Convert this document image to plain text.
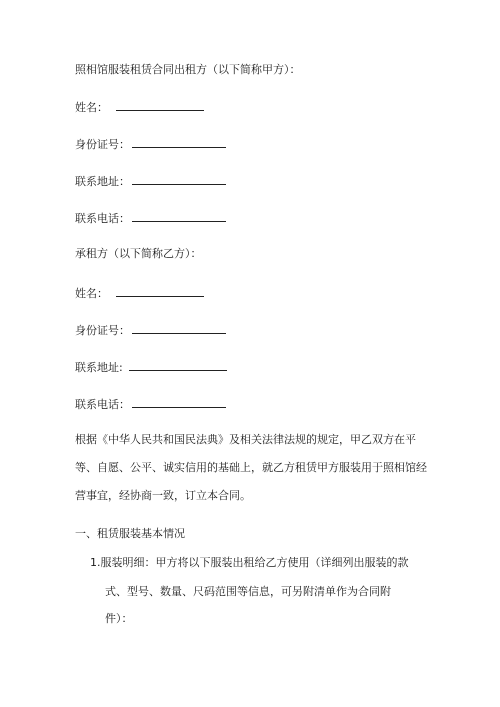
照相馆服装租赁合同出租方（以下简称甲方）：
姓名：
身份证号：
联系地址：
联系电话：
承租方（以下简称乙方）：
姓名：
身份证号：
联系地址:
联系电话：
根据《中华人民共和国民法典》及相关法律法规的规定，甲乙双方在平
等、自愿、公平、诚实信用的基础上，就乙方租赁甲方服装用于照相馆经
营事宜，经协商一致，订立本合同。
一、租赁服装基本情况
1.服装明细：甲方将以下服装出租给乙方使用（详细列出服装的款
式、型号、数量、尺码范围等信息，可另附清单作为合同附
件）：
